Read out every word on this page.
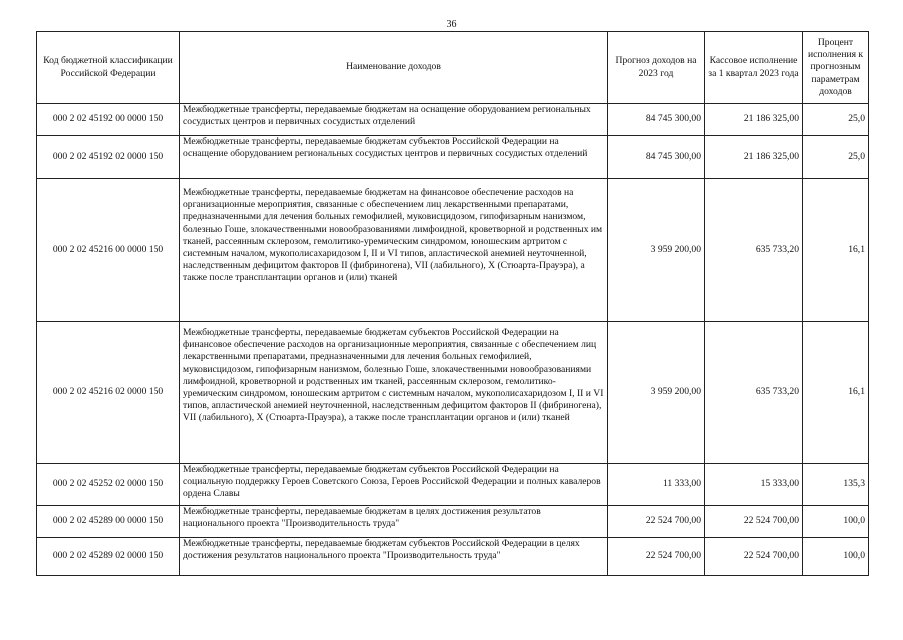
36
Код бюджетной классификации Российской Федерации	Наименование доходов	Прогноз доходов на 2023 год	Кассовое исполнение за 1 квартал 2023 года	Процент исполнения к прогнозным параметрам доходов
000 2 02 45192 00 0000 150	Межбюджетные трансферты, передаваемые бюджетам на оснащение оборудованием региональных сосудистых центров и первичных сосудистых отделений	84 745 300,00	21 186 325,00	25,0
000 2 02 45192 02 0000 150	Межбюджетные трансферты, передаваемые бюджетам субъектов Российской Федерации на оснащение оборудованием региональных сосудистых центров и первичных сосудистых отделений	84 745 300,00	21 186 325,00	25,0
000 2 02 45216 00 0000 150	Межбюджетные трансферты, передаваемые бюджетам на финансовое обеспечение расходов на организационные мероприятия, связанные с обеспечением лиц лекарственными препаратами, предназначенными для лечения больных гемофилией, муковисцидозом, гипофизарным нанизмом, болезнью Гоше, злокачественными новообразованиями лимфоидной, кроветворной и родственных им тканей, рассеянным склерозом, гемолитико-уремическим синдромом, юношеским артритом с системным началом, мукополисахаридозом I, II и VI типов, апластической анемией неуточненной, наследственным дефицитом факторов II (фибриногена), VII (лабильного), X (Стюарта-Прауэра), а также после трансплантации органов и (или) тканей	3 959 200,00	635 733,20	16,1
000 2 02 45216 02 0000 150	Межбюджетные трансферты, передаваемые бюджетам субъектов Российской Федерации на финансовое обеспечение расходов на организационные мероприятия, связанные с обеспечением лиц лекарственными препаратами, предназначенными для лечения больных гемофилией, муковисцидозом, гипофизарным нанизмом, болезнью Гоше, злокачественными новообразованиями лимфоидной, кроветворной и родственных им тканей, рассеянным склерозом, гемолитико-уремическим синдромом, юношеским артритом с системным началом, мукополисахаридозом I, II и VI типов, апластической анемией неуточненной, наследственным дефицитом факторов II (фибриногена), VII (лабильного), X (Стюарта-Прауэра), а также после трансплантации органов и (или) тканей	3 959 200,00	635 733,20	16,1
000 2 02 45252 02 0000 150	Межбюджетные трансферты, передаваемые бюджетам субъектов Российской Федерации на социальную поддержку Героев Советского Союза, Героев Российской Федерации и полных кавалеров ордена Славы	11 333,00	15 333,00	135,3
000 2 02 45289 00 0000 150	Межбюджетные трансферты, передаваемые бюджетам в целях достижения результатов национального проекта "Производительность труда"	22 524 700,00	22 524 700,00	100,0
000 2 02 45289 02 0000 150	Межбюджетные трансферты, передаваемые бюджетам субъектов Российской Федерации в целях достижения результатов национального проекта "Производительность труда"	22 524 700,00	22 524 700,00	100,0
